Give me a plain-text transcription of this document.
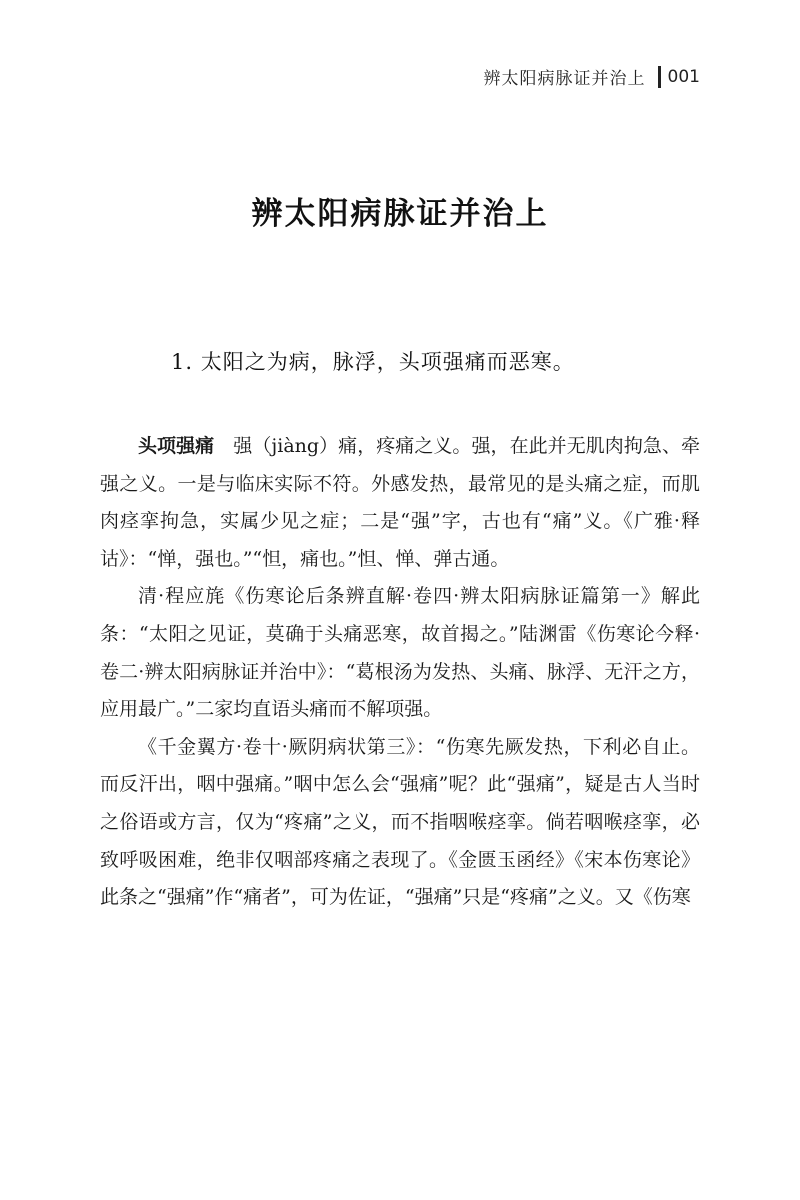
辨太阳病脉证并治上 001
辨太阳病脉证并治上
1. 太阳之为病，脉浮，头项强痛而恶寒。

头项强痛　 强（jiàng）痛，疼痛之义。强，在此并无肌肉拘急、牵强之义。一是与临床实际不符。外感发热，最常见的是头痛之症，而肌肉痉挛拘急，实属少见之症；二是“强”字，古也有“痛”义。《广雅·释诂》：“惮，强也。”“怛，痛也。”怛、惮、弹古通。

清·程应旄《伤寒论后条辨直解·卷四·辨太阳病脉证篇第一》解此条：“太阳之见证，莫确于头痛恶寒，故首揭之。”陆渊雷《伤寒论今释·卷二·辨太阳病脉证并治中》：“葛根汤为发热、头痛、脉浮、无汗之方，应用最广。”二家均直语头痛而不解项强。

《千金翼方·卷十·厥阴病状第三》：“伤寒先厥发热，下利必自止。而反汗出，咽中强痛。”咽中怎么会“强痛”呢？此“强痛”，疑是古人当时之俗语或方言，仅为“疼痛”之义，而不指咽喉痉挛。倘若咽喉痉挛，必致呼吸困难，绝非仅咽部疼痛之表现了。《金匮玉函经》《宋本伤寒论》此条之“强痛”作“痛者”，可为佐证，“强痛”只是“疼痛”之义。又《伤寒
